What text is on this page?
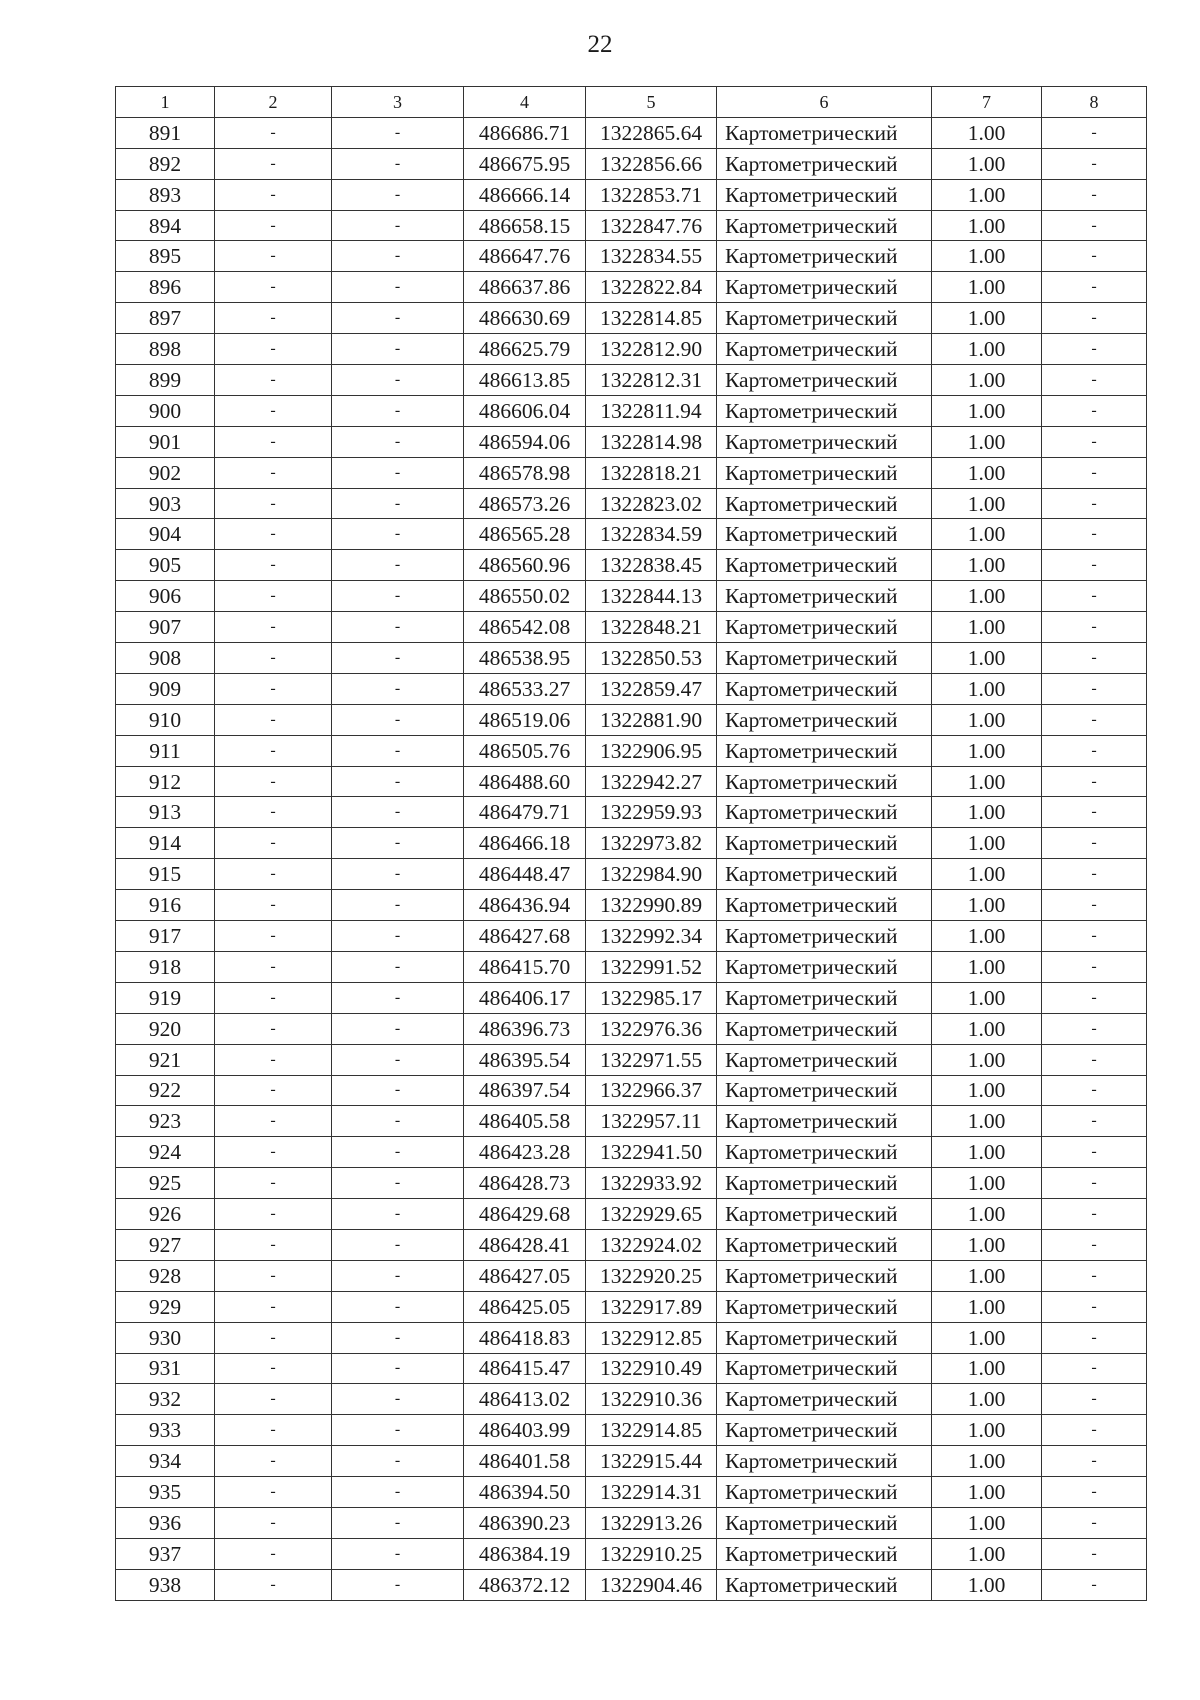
22
1	2	3	4	5	6	7	8
891	-	-	486686.71	1322865.64	Картометрический	1.00	-
892	-	-	486675.95	1322856.66	Картометрический	1.00	-
893	-	-	486666.14	1322853.71	Картометрический	1.00	-
894	-	-	486658.15	1322847.76	Картометрический	1.00	-
895	-	-	486647.76	1322834.55	Картометрический	1.00	-
896	-	-	486637.86	1322822.84	Картометрический	1.00	-
897	-	-	486630.69	1322814.85	Картометрический	1.00	-
898	-	-	486625.79	1322812.90	Картометрический	1.00	-
899	-	-	486613.85	1322812.31	Картометрический	1.00	-
900	-	-	486606.04	1322811.94	Картометрический	1.00	-
901	-	-	486594.06	1322814.98	Картометрический	1.00	-
902	-	-	486578.98	1322818.21	Картометрический	1.00	-
903	-	-	486573.26	1322823.02	Картометрический	1.00	-
904	-	-	486565.28	1322834.59	Картометрический	1.00	-
905	-	-	486560.96	1322838.45	Картометрический	1.00	-
906	-	-	486550.02	1322844.13	Картометрический	1.00	-
907	-	-	486542.08	1322848.21	Картометрический	1.00	-
908	-	-	486538.95	1322850.53	Картометрический	1.00	-
909	-	-	486533.27	1322859.47	Картометрический	1.00	-
910	-	-	486519.06	1322881.90	Картометрический	1.00	-
911	-	-	486505.76	1322906.95	Картометрический	1.00	-
912	-	-	486488.60	1322942.27	Картометрический	1.00	-
913	-	-	486479.71	1322959.93	Картометрический	1.00	-
914	-	-	486466.18	1322973.82	Картометрический	1.00	-
915	-	-	486448.47	1322984.90	Картометрический	1.00	-
916	-	-	486436.94	1322990.89	Картометрический	1.00	-
917	-	-	486427.68	1322992.34	Картометрический	1.00	-
918	-	-	486415.70	1322991.52	Картометрический	1.00	-
919	-	-	486406.17	1322985.17	Картометрический	1.00	-
920	-	-	486396.73	1322976.36	Картометрический	1.00	-
921	-	-	486395.54	1322971.55	Картометрический	1.00	-
922	-	-	486397.54	1322966.37	Картометрический	1.00	-
923	-	-	486405.58	1322957.11	Картометрический	1.00	-
924	-	-	486423.28	1322941.50	Картометрический	1.00	-
925	-	-	486428.73	1322933.92	Картометрический	1.00	-
926	-	-	486429.68	1322929.65	Картометрический	1.00	-
927	-	-	486428.41	1322924.02	Картометрический	1.00	-
928	-	-	486427.05	1322920.25	Картометрический	1.00	-
929	-	-	486425.05	1322917.89	Картометрический	1.00	-
930	-	-	486418.83	1322912.85	Картометрический	1.00	-
931	-	-	486415.47	1322910.49	Картометрический	1.00	-
932	-	-	486413.02	1322910.36	Картометрический	1.00	-
933	-	-	486403.99	1322914.85	Картометрический	1.00	-
934	-	-	486401.58	1322915.44	Картометрический	1.00	-
935	-	-	486394.50	1322914.31	Картометрический	1.00	-
936	-	-	486390.23	1322913.26	Картометрический	1.00	-
937	-	-	486384.19	1322910.25	Картометрический	1.00	-
938	-	-	486372.12	1322904.46	Картометрический	1.00	-
